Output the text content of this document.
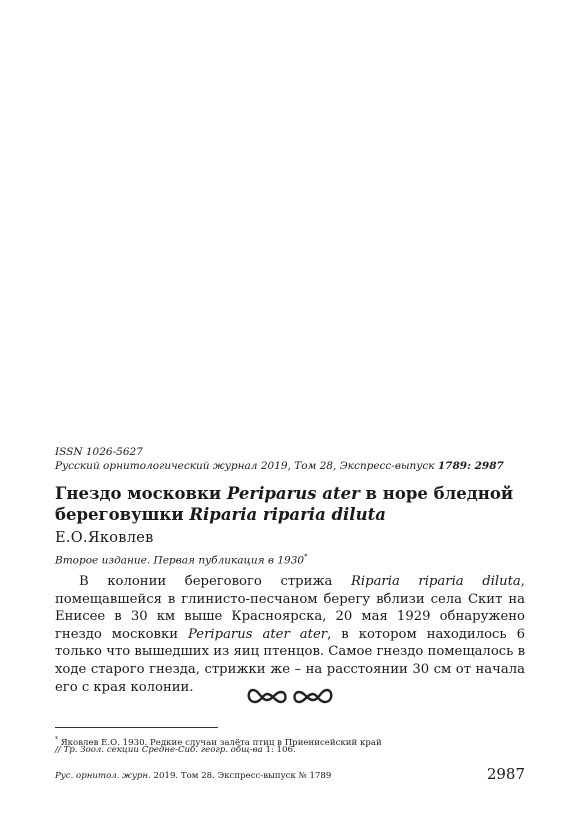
ISSN 1026-5627
Русский орнитологический журнал 2019, Том 28, Экспресс-выпуск 1789: 2987
Гнездо московки Periparus ater в норе бледной береговушки Riparia riparia diluta
Е.О.Яковлев
Второе издание. Первая публикация в 1930*

В колонии берегового стрижа Riparia riparia diluta, помещавшейся в глинисто-песчаном берегу вблизи села Скит на Енисее в 30 км выше Красноярска, 20 мая 1929 обнаружено гнездо московки Periparus ater ater, в котором находилось 6 только что вышедших из яиц птенцов. Самое гнездо помещалось в ходе старого гнезда, стрижки же – на расстоянии 30 см от начала его с края колонии.

* Яковлев Е.О. 1930. Редкие случаи залёта птиц в Приенисейский край
// Тр. Зоол. секции Средне-Сиб. геогр. общ-ва 1: 106.
Рус. орнитол. журн. 2019. Том 28. Экспресс-выпуск № 1789	2987
